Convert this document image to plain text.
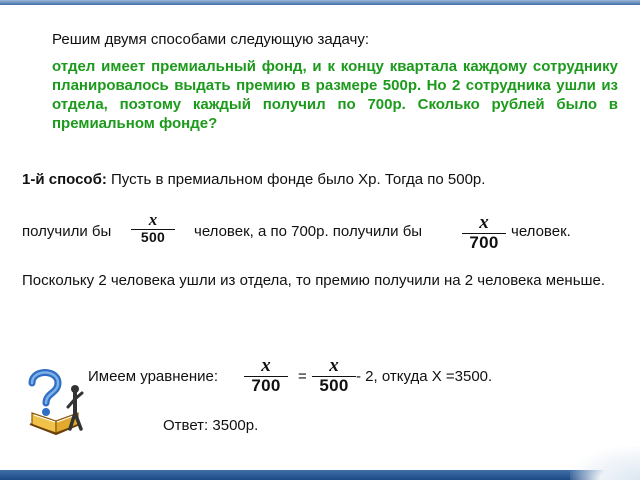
Решим двумя способами следующую задачу:
отдел имеет премиальный фонд, и к концу квартала каждому сотруднику планировалось выдать премию в размере 500р. Но 2 сотрудника ушли из отдела, поэтому каждый получил по 700р. Сколько рублей было в премиальном фонде?
1-й способ: Пусть в премиальном фонде было Хр. Тогда по 500р.
получили бы
x
500	человек, а по 700р. получили бы	x
700
человек.
Поскольку 2 человека ушли из отдела, то премию получили на 2 человека меньше.
Имеем уравнение:
x
700	=
x
500 - 2, откуда Х =3500.
Ответ: 3500р.
